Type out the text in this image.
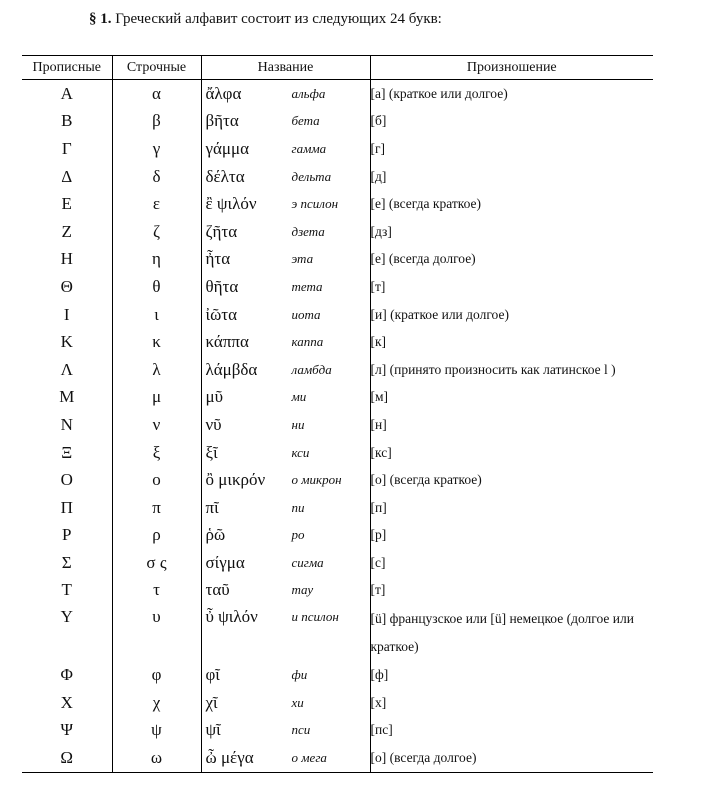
§ 1. Греческий алфавит состоит из следующих 24 букв:
Прописные	Строчные	Название	Произношение
Α	α	ἄλφα альфа	[а] (краткое или долгое)
Β	β	βῆτα бета	[б]
Γ	γ	γάμμα гамма	[г]
Δ	δ	δέλτα дельта	[д]
Ε	ε	ἒ ψιλόν э псилон	[е] (всегда краткое)
Ζ	ζ	ζῆτα дзета	[дз]
Η	η	ἦτα эта	[е] (всегда долгое)
Θ	θ	θῆτα тета	[т]
Ι	ι	ἰῶτα иота	[и] (краткое или долгое)
Κ	κ	κάππα каппа	[к]
Λ	λ	λάμβδα ламбда	[л] (принято произносить как латинское l )
Μ	μ	μῦ ми	[м]
Ν	ν	νῦ ни	[н]
Ξ	ξ	ξῖ кси	[кс]
Ο	ο	ὂ μικρόν о микрон	[о] (всегда краткое)
Π	π	πῖ пи	[п]
Ρ	ρ	ῥῶ ро	[р]
Σ	σ ς	σίγμα сигма	[с]
Τ	τ	ταῦ тау	[т]
Υ	υ	ὖ ψιλόν и псилон	[ü] французское или [ü] немецкое (долгое или краткое)
Φ	φ	φῖ фи	[ф]
Χ	χ	χῖ хи	[х]
Ψ	ψ	ψῖ пси	[пс]
Ω	ω	ὦ μέγα о мега	[о] (всегда долгое)
